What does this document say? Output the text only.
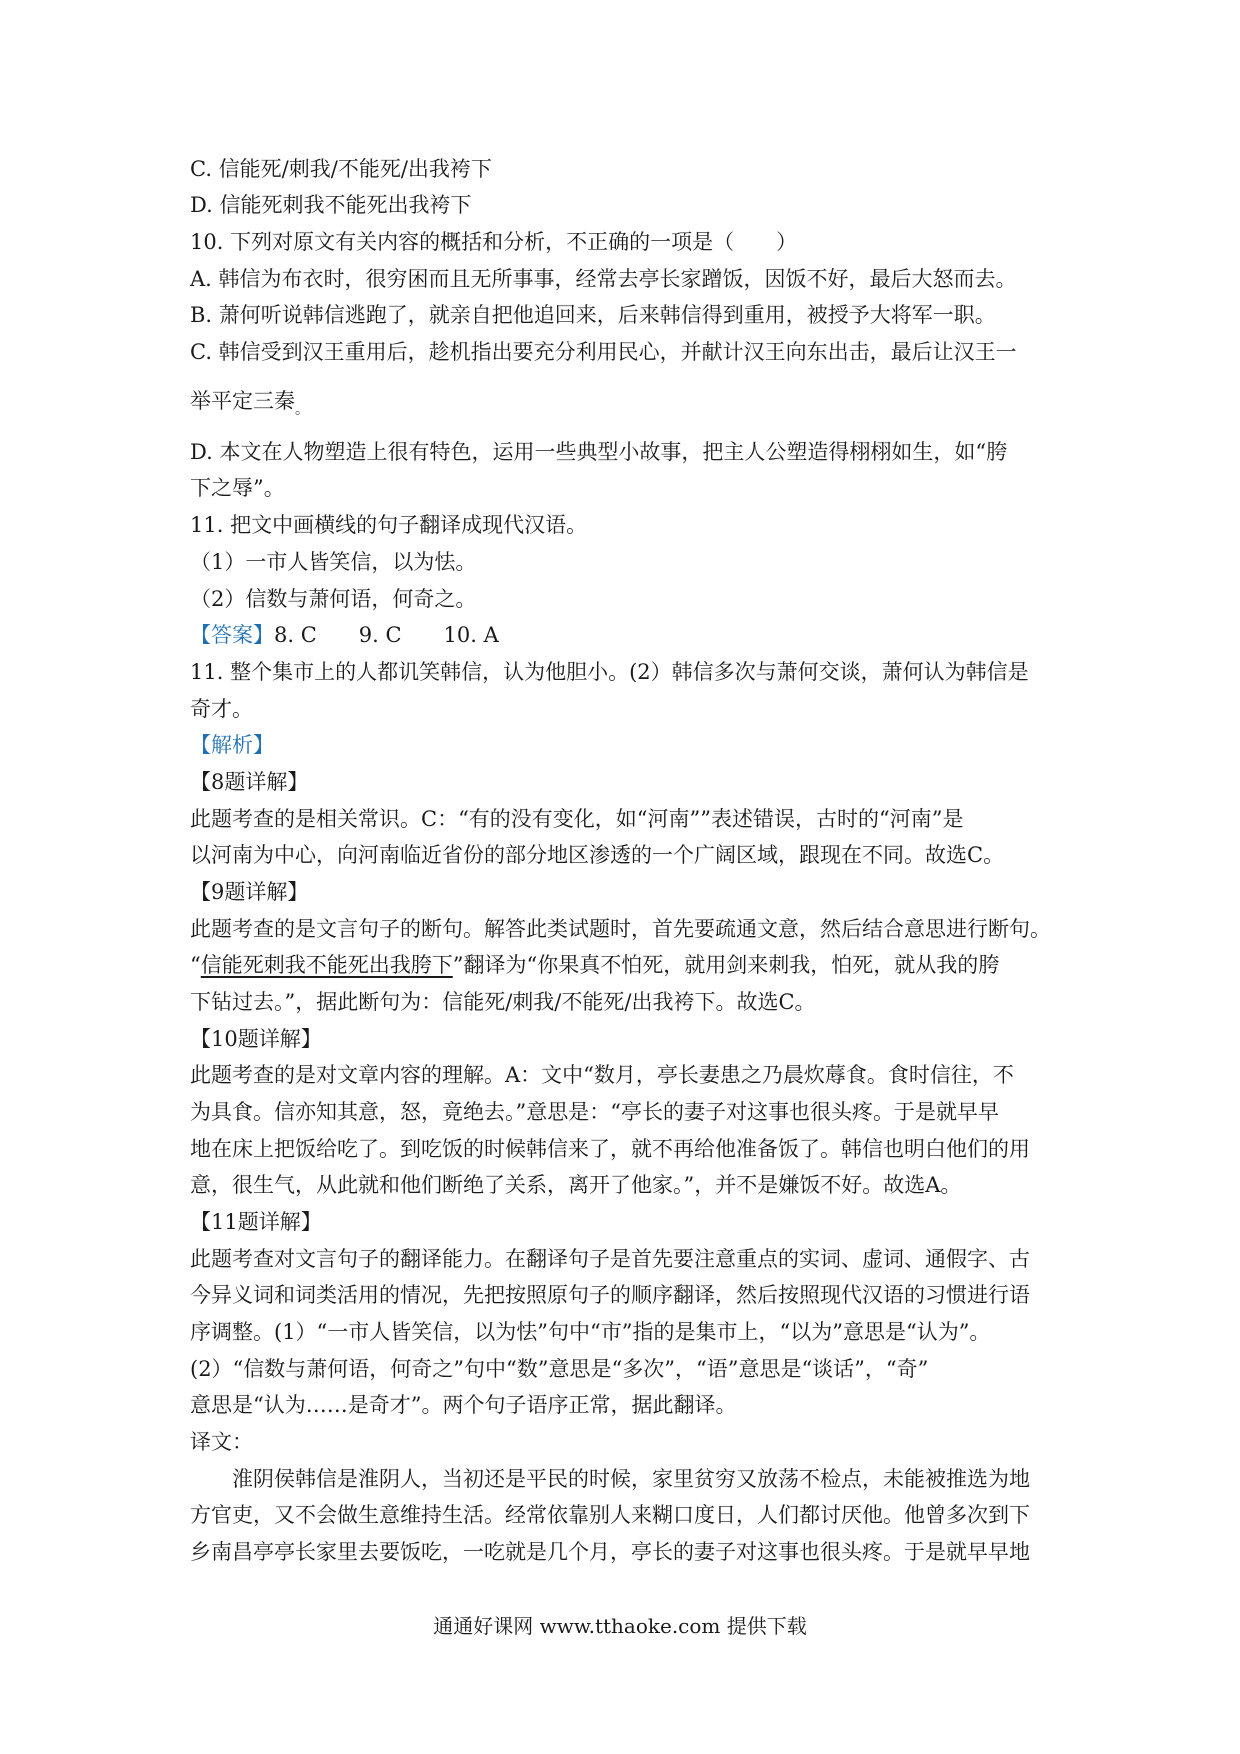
C. 信能死/刺我/不能死/出我袴下
D. 信能死刺我不能死出我袴下
10. 下列对原文有关内容的概括和分析，不正确的一项是（　　）
A. 韩信为布衣时，很穷困而且无所事事，经常去亭长家蹭饭，因饭不好，最后大怒而去。
B. 萧何听说韩信逃跑了，就亲自把他追回来，后来韩信得到重用，被授予大将军一职。
C. 韩信受到汉王重用后，趁机指出要充分利用民心，并献计汉王向东出击，最后让汉王一
举平定三秦$_。$
D. 本文在人物塑造上很有特色，运用一些典型小故事，把主人公塑造得栩栩如生，如“胯
下之辱”。
11. 把文中画横线的句子翻译成现代汉语。
（1）一市人皆笑信，以为怯。
（2）信数与萧何语，何奇之。
【答案】8. C　　9. C　　10. A
11. 整个集市上的人都讥笑韩信，认为他胆小。(2）韩信多次与萧何交谈，萧何认为韩信是
奇才。
【解析】
【8题详解】
此题考查的是相关常识。C：“有的没有变化，如“河南””表述错误，古时的“河南”是
以河南为中心，向河南临近省份的部分地区渗透的一个广阔区域，跟现在不同。故选C。
【9题详解】
此题考查的是文言句子的断句。解答此类试题时，首先要疏通文意，然后结合意思进行断句。
“信能死刺我不能死出我胯下”翻译为“你果真不怕死，就用剑来刺我，怕死，就从我的胯
下钻过去。”，据此断句为：信能死/刺我/不能死/出我袴下。故选C。
【10题详解】
此题考查的是对文章内容的理解。A：文中“数月，亭长妻患之乃晨炊蓐食。食时信往，不
为具食。信亦知其意，怒，竟绝去。”意思是：“亭长的妻子对这事也很头疼。于是就早早
地在床上把饭给吃了。到吃饭的时候韩信来了，就不再给他准备饭了。韩信也明白他们的用
意，很生气，从此就和他们断绝了关系，离开了他家。”，并不是嫌饭不好。故选A。
【11题详解】
此题考查对文言句子的翻译能力。在翻译句子是首先要注意重点的实词、虚词、通假字、古
今异义词和词类活用的情况，先把按照原句子的顺序翻译，然后按照现代汉语的习惯进行语
序调整。(1）“一市人皆笑信，以为怯”句中“市”指的是集市上，“以为”意思是“认为”。
(2）“信数与萧何语，何奇之”句中“数”意思是“多次”，“语”意思是“谈话”，“奇”
意思是“认为……是奇才”。两个句子语序正常，据此翻译。
译文：
淮阴侯韩信是淮阴人，当初还是平民的时候，家里贫穷又放荡不检点，未能被推选为地
方官吏，又不会做生意维持生活。经常依靠别人来糊口度日，人们都讨厌他。他曾多次到下
乡南昌亭亭长家里去要饭吃，一吃就是几个月，亭长的妻子对这事也很头疼。于是就早早地
通通好课网 www.tthaoke.com 提供下载
